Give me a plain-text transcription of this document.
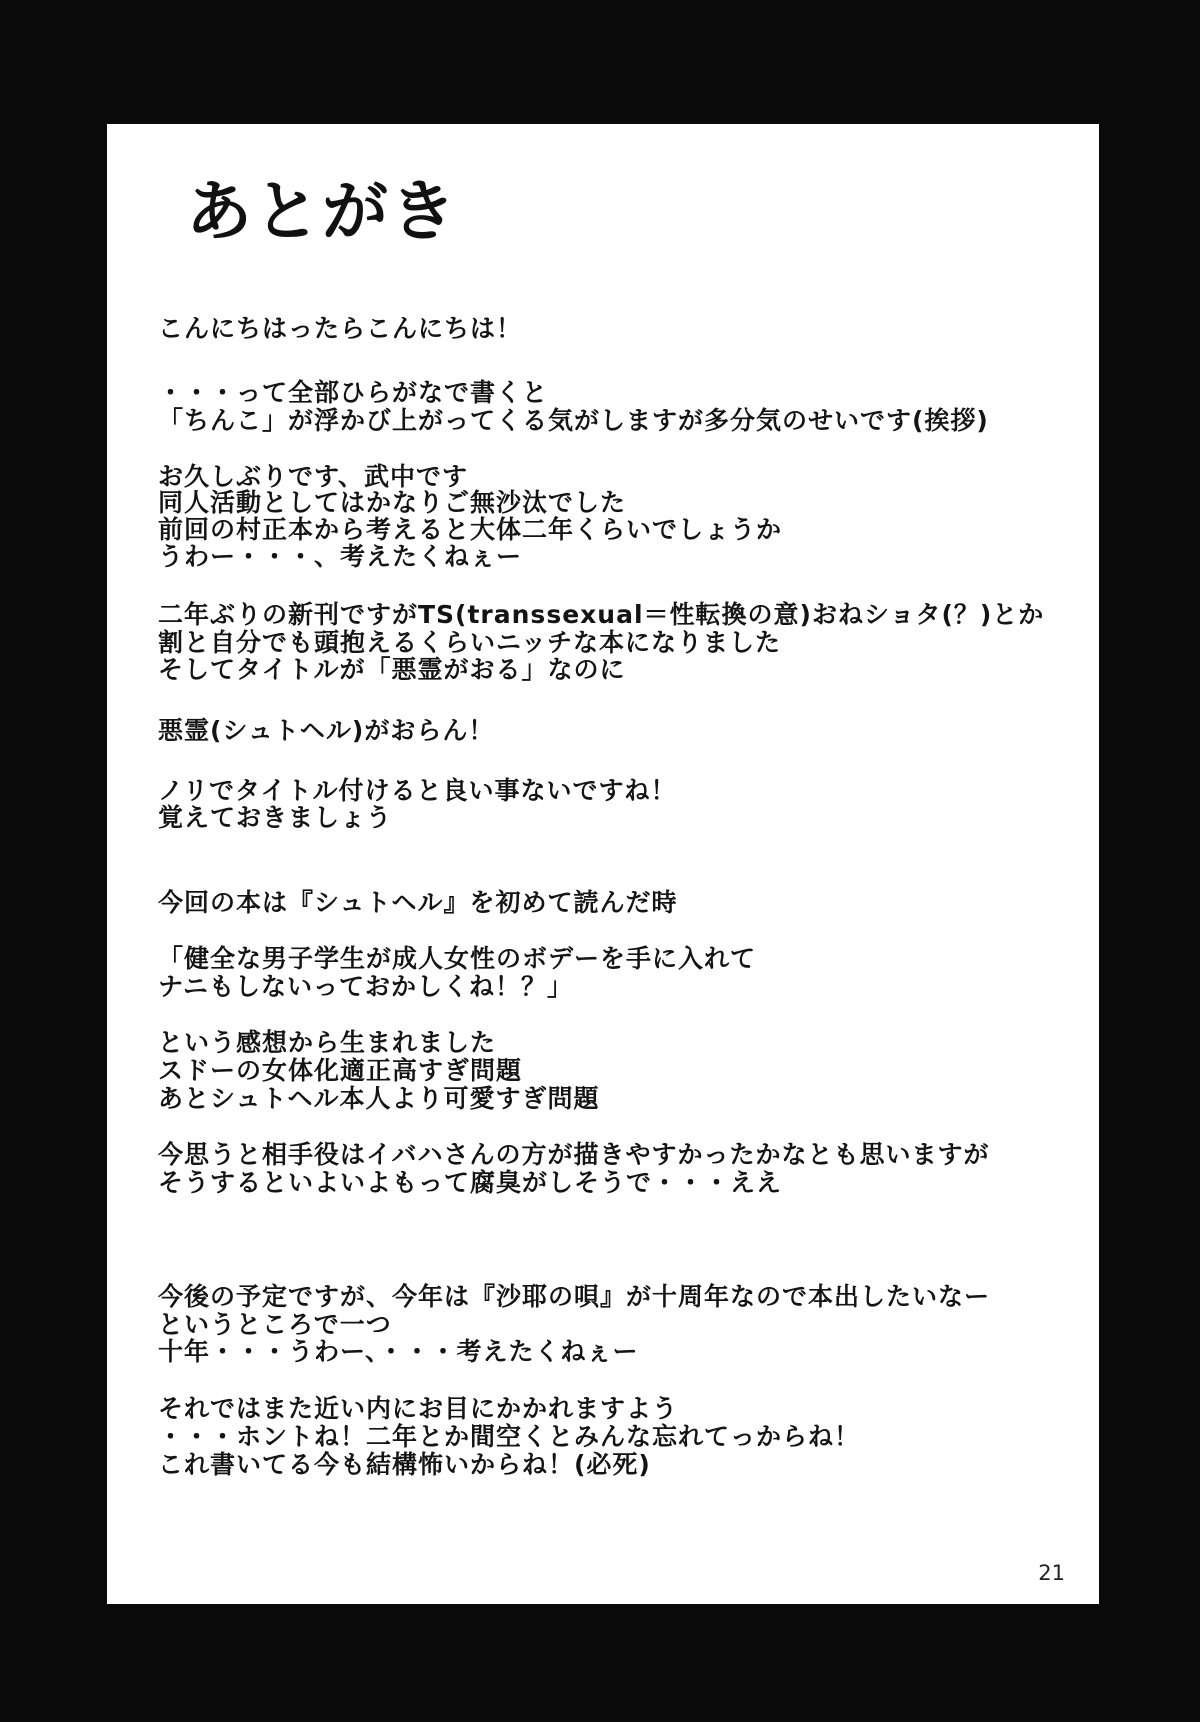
あとがき
こんにちはったらこんにちは！
・・・って全部ひらがなで書くと
「ちんこ」が浮かび上がってくる気がしますが多分気のせいです(挨拶)
お久しぶりです、武中です
同人活動としてはかなりご無沙汰でした
前回の村正本から考えると大体二年くらいでしょうか
うわー・・・、考えたくねぇー
二年ぶりの新刊ですがTS(transsexual＝性転換の意)おねショタ(？)とか
割と自分でも頭抱えるくらいニッチな本になりました
そしてタイトルが「悪霊がおる」なのに
悪霊(シュトヘル)がおらん！
ノリでタイトル付けると良い事ないですね！
覚えておきましょう
今回の本は『シュトヘル』を初めて読んだ時
「健全な男子学生が成人女性のボデーを手に入れて
ナニもしないっておかしくね！？」
という感想から生まれました
スドーの女体化適正高すぎ問題
あとシュトヘル本人より可愛すぎ問題
今思うと相手役はイバハさんの方が描きやすかったかなとも思いますが
そうするといよいよもって腐臭がしそうで・・・ええ
今後の予定ですが、今年は『沙耶の唄』が十周年なので本出したいなー
というところで一つ
十年・・・うわー、・・・考えたくねぇー
それではまた近い内にお目にかかれますよう
・・・ホントね！二年とか間空くとみんな忘れてっからね！
これ書いてる今も結構怖いからね！(必死)
21
